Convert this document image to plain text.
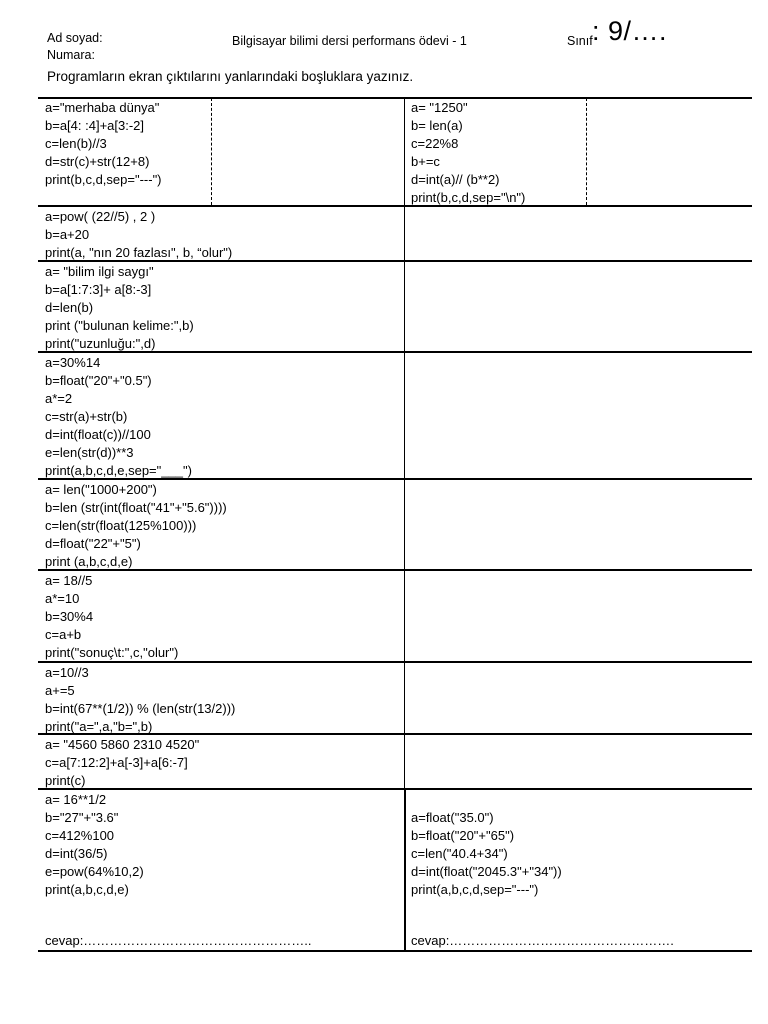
Ad soyad:
Numara:
Bilgisayar bilimi dersi performans ödevi - 1	Sınıf : 9/….
Programların ekran çıktılarını yanlarındaki boşluklara yazınız.
a="merhaba dünya"
b=a[4: :4]+a[3:-2]
c=len(b)//3
d=str(c)+str(12+8)
print(b,c,d,sep="---")
a= "1250"
b= len(a)
c=22%8
b+=c
d=int(a)// (b**2)
print(b,c,d,sep="\n")
a=pow( (22//5) , 2 )
b=a+20
print(a, "nın 20 fazlası", b, “olur")
a= "bilim ilgi saygı"
b=a[1:7:3]+ a[8:-3]
d=len(b)
print ("bulunan kelime:",b)
print("uzunluğu:",d)
a=30%14
b=float("20"+"0.5")
a*=2
c=str(a)+str(b)
d=int(float(c))//100
e=len(str(d))**3
print(a,b,c,d,e,sep="___")
a= len("1000+200")
b=len (str(int(float("41"+"5.6"))))
c=len(str(float(125%100)))
d=float("22"+"5")
print (a,b,c,d,e)
a= 18//5
a*=10
b=30%4
c=a+b
print("sonuç\t:",c,"olur")
a=10//3
a+=5
b=int(67**(1/2)) % (len(str(13/2)))
print("a=",a,"b=",b)
a= "4560 5860 2310 4520"
c=a[7:12:2]+a[-3]+a[6:-7]
print(c)
a= 16**1/2
b="27"+"3.6"
c=412%100
d=int(36/5)
e=pow(64%10,2)
print(a,b,c,d,e)
a=float("35.0")
b=float("20"+"65")
c=len("40.4+34")
d=int(float("2045.3"+"34"))
print(a,b,c,d,sep="---")
cevap:……………………………………………..	cevap:…………………………………………….
